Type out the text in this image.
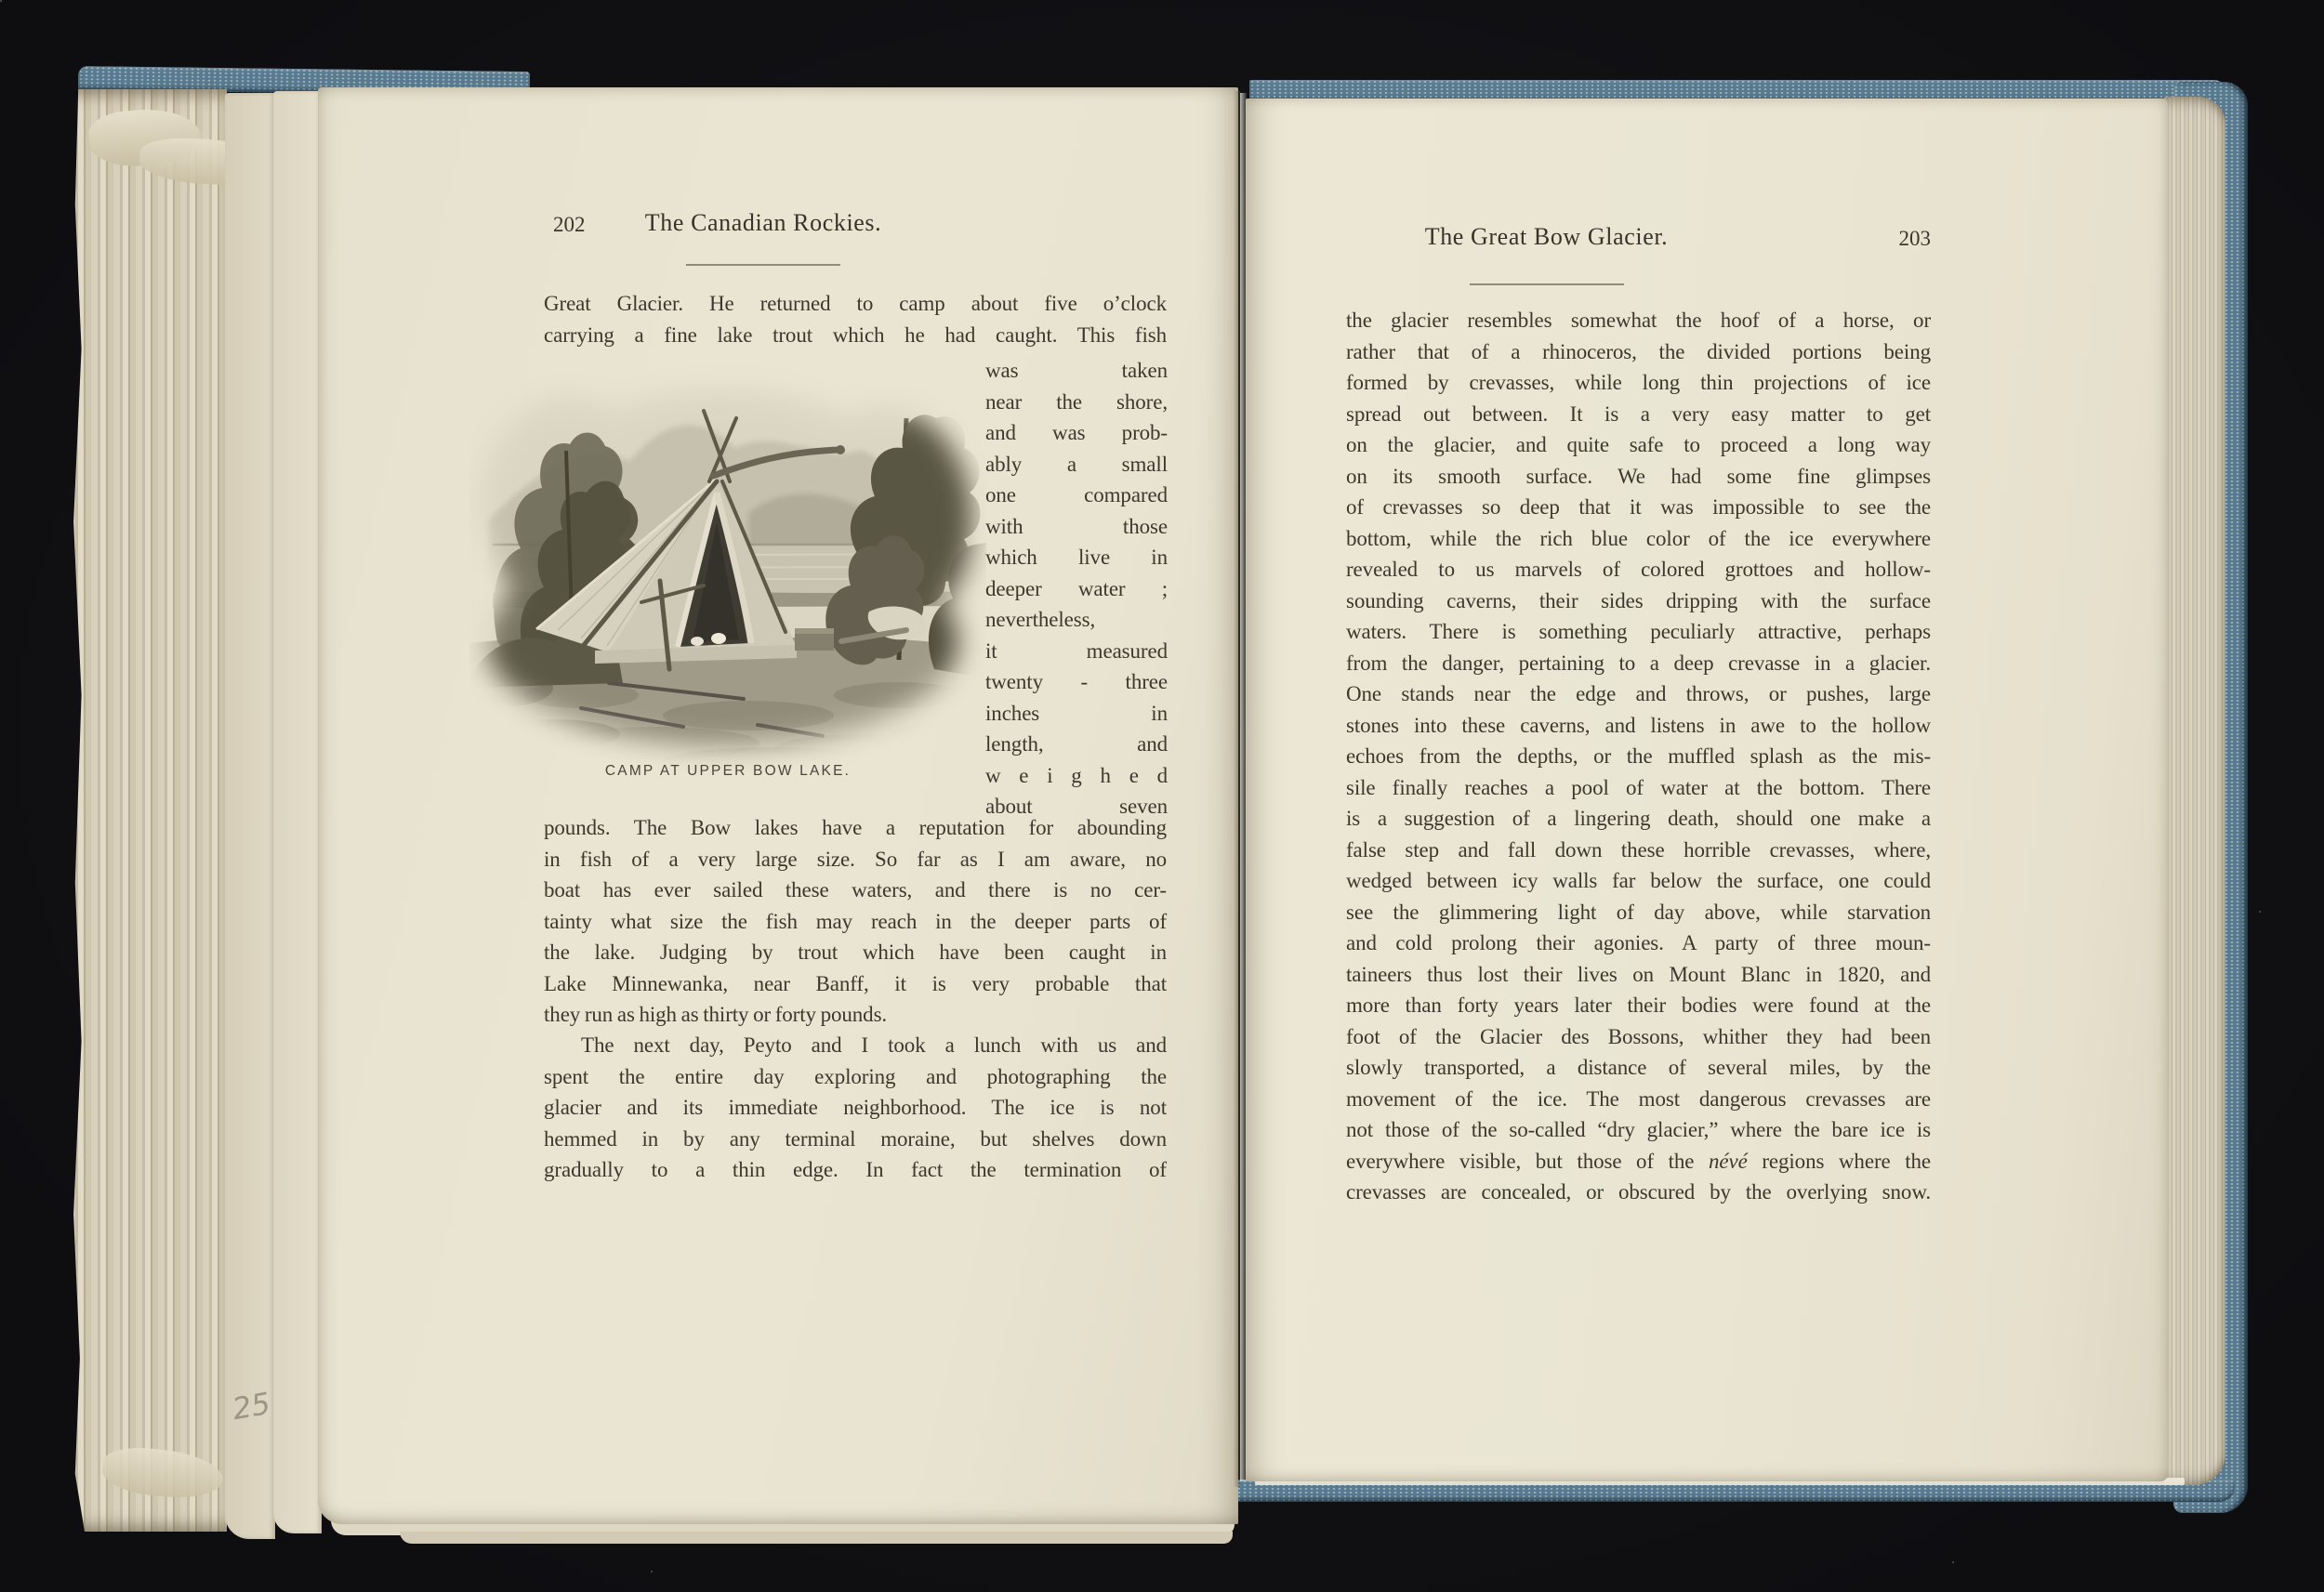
25
202	The Canadian Rockies.
Great Glacier. He returned to camp about five o’clock
carrying a fine lake trout which he had caught. This fish
CAMP AT UPPER BOW LAKE.
was taken
near the shore,
and was prob-
ably a small
one compared
with those
which live in
deeper water ;
nevertheless,
it measured
twenty - three
inches in
length, and
w e i g h e d
about seven
pounds. The Bow lakes have a reputation for abounding
in fish of a very large size. So far as I am aware, no
boat has ever sailed these waters, and there is no cer-
tainty what size the fish may reach in the deeper parts of
the lake. Judging by trout which have been caught in
Lake Minnewanka, near Banff, it is very probable that
they run as high as thirty or forty pounds.
The next day, Peyto and I took a lunch with us and
spent the entire day exploring and photographing the
glacier and its immediate neighborhood. The ice is not
hemmed in by any terminal moraine, but shelves down
gradually to a thin edge. In fact the termination of
The Great Bow Glacier.	203
the glacier resembles somewhat the hoof of a horse, or
rather that of a rhinoceros, the divided portions being
formed by crevasses, while long thin projections of ice
spread out between. It is a very easy matter to get
on the glacier, and quite safe to proceed a long way
on its smooth surface. We had some fine glimpses
of crevasses so deep that it was impossible to see the
bottom, while the rich blue color of the ice everywhere
revealed to us marvels of colored grottoes and hollow-
sounding caverns, their sides dripping with the surface
waters. There is something peculiarly attractive, perhaps
from the danger, pertaining to a deep crevasse in a glacier.
One stands near the edge and throws, or pushes, large
stones into these caverns, and listens in awe to the hollow
echoes from the depths, or the muffled splash as the mis-
sile finally reaches a pool of water at the bottom. There
is a suggestion of a lingering death, should one make a
false step and fall down these horrible crevasses, where,
wedged between icy walls far below the surface, one could
see the glimmering light of day above, while starvation
and cold prolong their agonies. A party of three moun-
taineers thus lost their lives on Mount Blanc in 1820, and
more than forty years later their bodies were found at the
foot of the Glacier des Bossons, whither they had been
slowly transported, a distance of several miles, by the
movement of the ice. The most dangerous crevasses are
not those of the so-called “dry glacier,” where the bare ice is
everywhere visible, but those of the névé regions where the
crevasses are concealed, or obscured by the overlying snow.
